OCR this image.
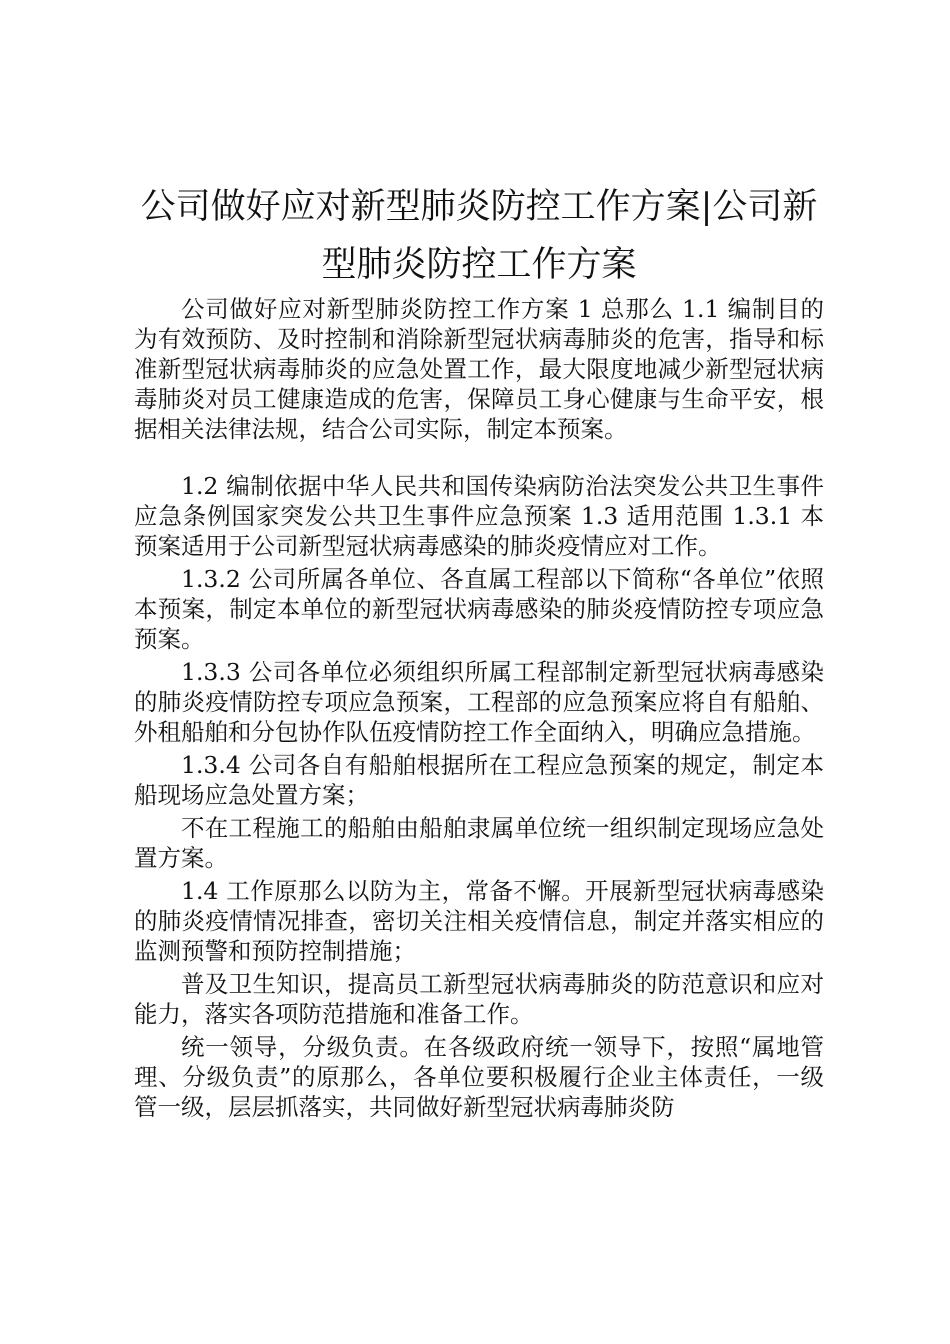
公司做好应对新型肺炎防控工作方案|公司新型肺炎防控工作方案

公司做好应对新型肺炎防控工作方案 1 总那么 1.1 编制目的为有效预防、及时控制和消除新型冠状病毒肺炎的危害，指导和标准新型冠状病毒肺炎的应急处置工作，最大限度地减少新型冠状病毒肺炎对员工健康造成的危害，保障员工身心健康与生命平安，根据相关法律法规，结合公司实际，制定本预案。

1.2 编制依据中华人民共和国传染病防治法突发公共卫生事件应急条例国家突发公共卫生事件应急预案 1.3 适用范围 1.3.1 本预案适用于公司新型冠状病毒感染的肺炎疫情应对工作。

1.3.2 公司所属各单位、各直属工程部以下简称“各单位”依照本预案，制定本单位的新型冠状病毒感染的肺炎疫情防控专项应急预案。

1.3.3 公司各单位必须组织所属工程部制定新型冠状病毒感染的肺炎疫情防控专项应急预案，工程部的应急预案应将自有船舶、外租船舶和分包协作队伍疫情防控工作全面纳入，明确应急措施。

1.3.4 公司各自有船舶根据所在工程应急预案的规定，制定本船现场应急处置方案；

不在工程施工的船舶由船舶隶属单位统一组织制定现场应急处置方案。

1.4 工作原那么以防为主，常备不懈。开展新型冠状病毒感染的肺炎疫情情况排查，密切关注相关疫情信息，制定并落实相应的监测预警和预防控制措施；

普及卫生知识，提高员工新型冠状病毒肺炎的防范意识和应对能力，落实各项防范措施和准备工作。

统一领导，分级负责。在各级政府统一领导下，按照“属地管理、分级负责”的原那么，各单位要积极履行企业主体责任，一级管一级，层层抓落实，共同做好新型冠状病毒肺炎防
